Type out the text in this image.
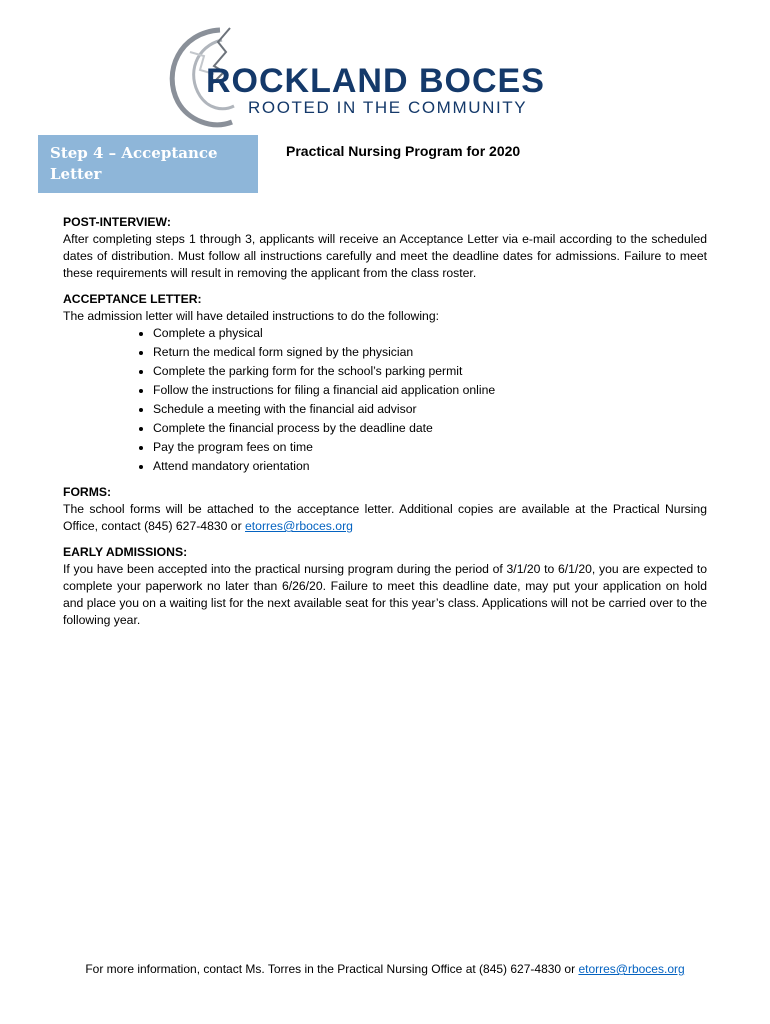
ROCKLAND BOCES
ROOTED IN THE COMMUNITY
Step 4 – Acceptance Letter
Practical Nursing Program for 2020
POST-INTERVIEW:
After completing steps 1 through 3, applicants will receive an Acceptance Letter via e-mail according to the scheduled dates of distribution. Must follow all instructions carefully and meet the deadline dates for admissions. Failure to meet these requirements will result in removing the applicant from the class roster.
ACCEPTANCE LETTER:
The admission letter will have detailed instructions to do the following:
• Complete a physical
• Return the medical form signed by the physician
• Complete the parking form for the school’s parking permit
• Follow the instructions for filing a financial aid application online
• Schedule a meeting with the financial aid advisor
• Complete the financial process by the deadline date
• Pay the program fees on time
• Attend mandatory orientation
FORMS:
The school forms will be attached to the acceptance letter. Additional copies are available at the Practical Nursing Office, contact (845) 627-4830 or etorres@rboces.org
EARLY ADMISSIONS:
If you have been accepted into the practical nursing program during the period of 3/1/20 to 6/1/20, you are expected to complete your paperwork no later than 6/26/20. Failure to meet this deadline date, may put your application on hold and place you on a waiting list for the next available seat for this year’s class. Applications will not be carried over to the following year.
For more information, contact Ms. Torres in the Practical Nursing Office at (845) 627-4830 or etorres@rboces.org
